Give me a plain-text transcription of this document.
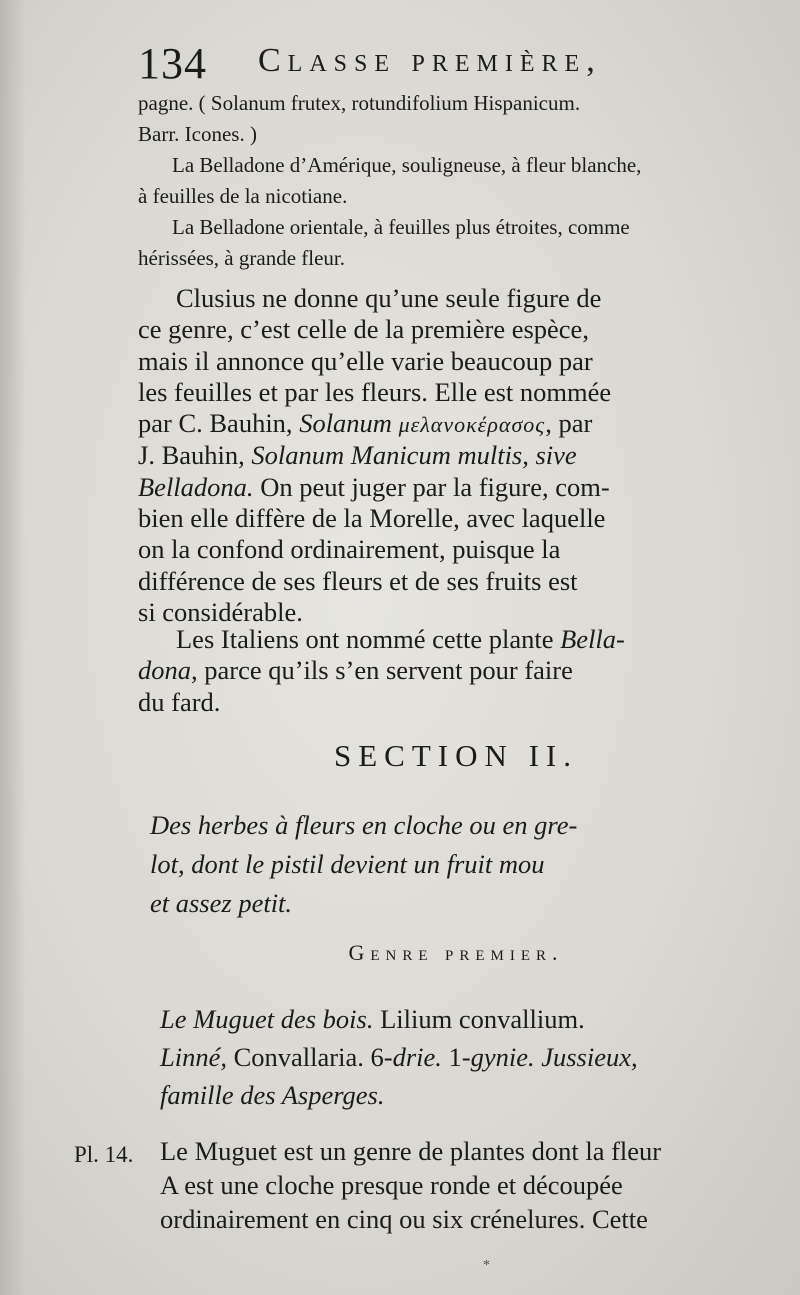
134 Classe première,

pagne. ( Solanum frutex, rotundifolium Hispanicum.
Barr. Icones. )

La Belladone d’Amérique, souligneuse, à fleur blanche,
à feuilles de la nicotiane.

La Belladone orientale, à feuilles plus étroites, comme
hérissées, à grande fleur.

Clusius ne donne qu’une seule figure de
ce genre, c’est celle de la première espèce,
mais il annonce qu’elle varie beaucoup par
les feuilles et par les fleurs. Elle est nommée
par C. Bauhin, Solanum μελανοκέρασος, par
J. Bauhin, Solanum Manicum multis, sive
Belladona. On peut juger par la figure, com-
bien elle diffère de la Morelle, avec laquelle
on la confond ordinairement, puisque la
différence de ses fleurs et de ses fruits est
si considérable.

Les Italiens ont nommé cette plante Bella-
dona, parce qu’ils s’en servent pour faire
du fard.

SECTION II.
Des herbes à fleurs en cloche ou en gre-
lot, dont le pistil devient un fruit mou
et assez petit.
Genre premier.
Le Muguet des bois. Lilium convallium.
Linné, Convallaria. 6-drie. 1-gynie. Jussieux,
famille des Asperges.
Pl. 14. Le Muguet est un genre de plantes dont la fleur
A est une cloche presque ronde et découpée
ordinairement en cinq ou six crénelures. Cette
*
